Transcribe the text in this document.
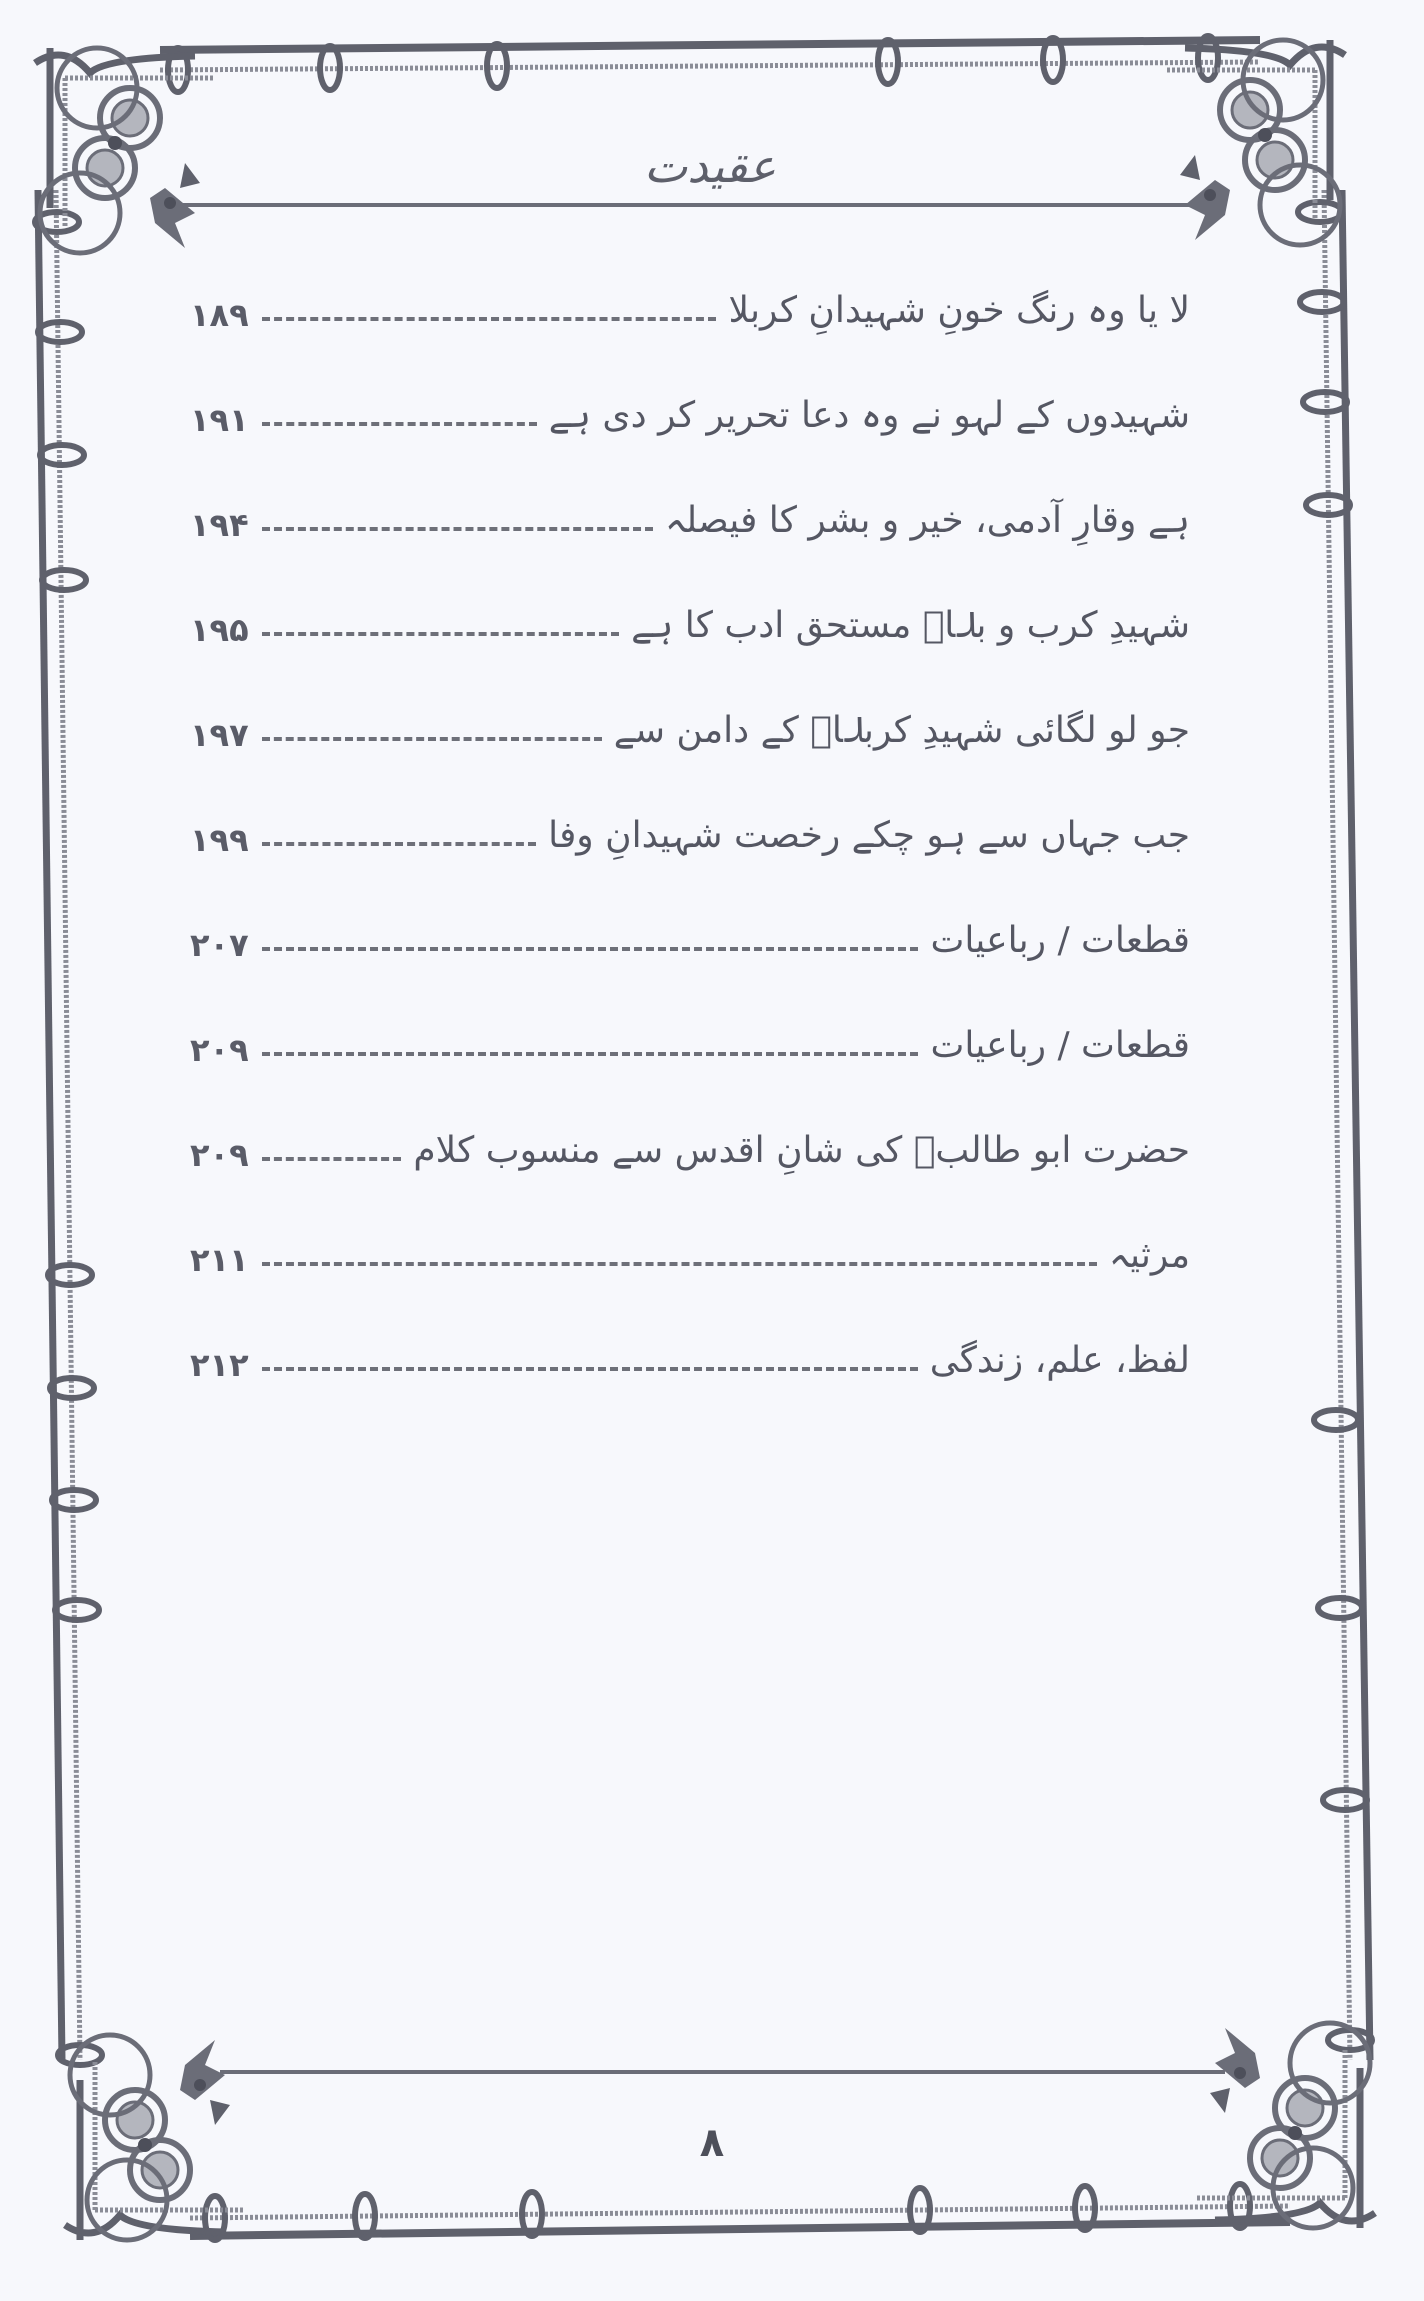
عقیدت
لا یا وہ رنگ خونِ شہیدانِ کربلا
۱۸۹
شہیدوں کے لہو نے وہ دعا تحریر کر دی ہے
۱۹۱
ہے وقارِ آدمی، خیر و بشر کا فیصلہ
۱۹۴
شہیدِ کرب و بلاؑ مستحق ادب کا ہے
۱۹۵
جو لو لگائی شہیدِ کربلاؑ کے دامن سے
۱۹۷
جب جہاں سے ہو چکے رخصت شہیدانِ وفا
۱۹۹
قطعات / رباعیات
۲۰۷
قطعات / رباعیات
۲۰۹
حضرت ابو طالبؑ کی شانِ اقدس سے منسوب کلام
۲۰۹
مرثیہ
۲۱۱
لفظ، علم، زندگی
۲۱۲
۸
